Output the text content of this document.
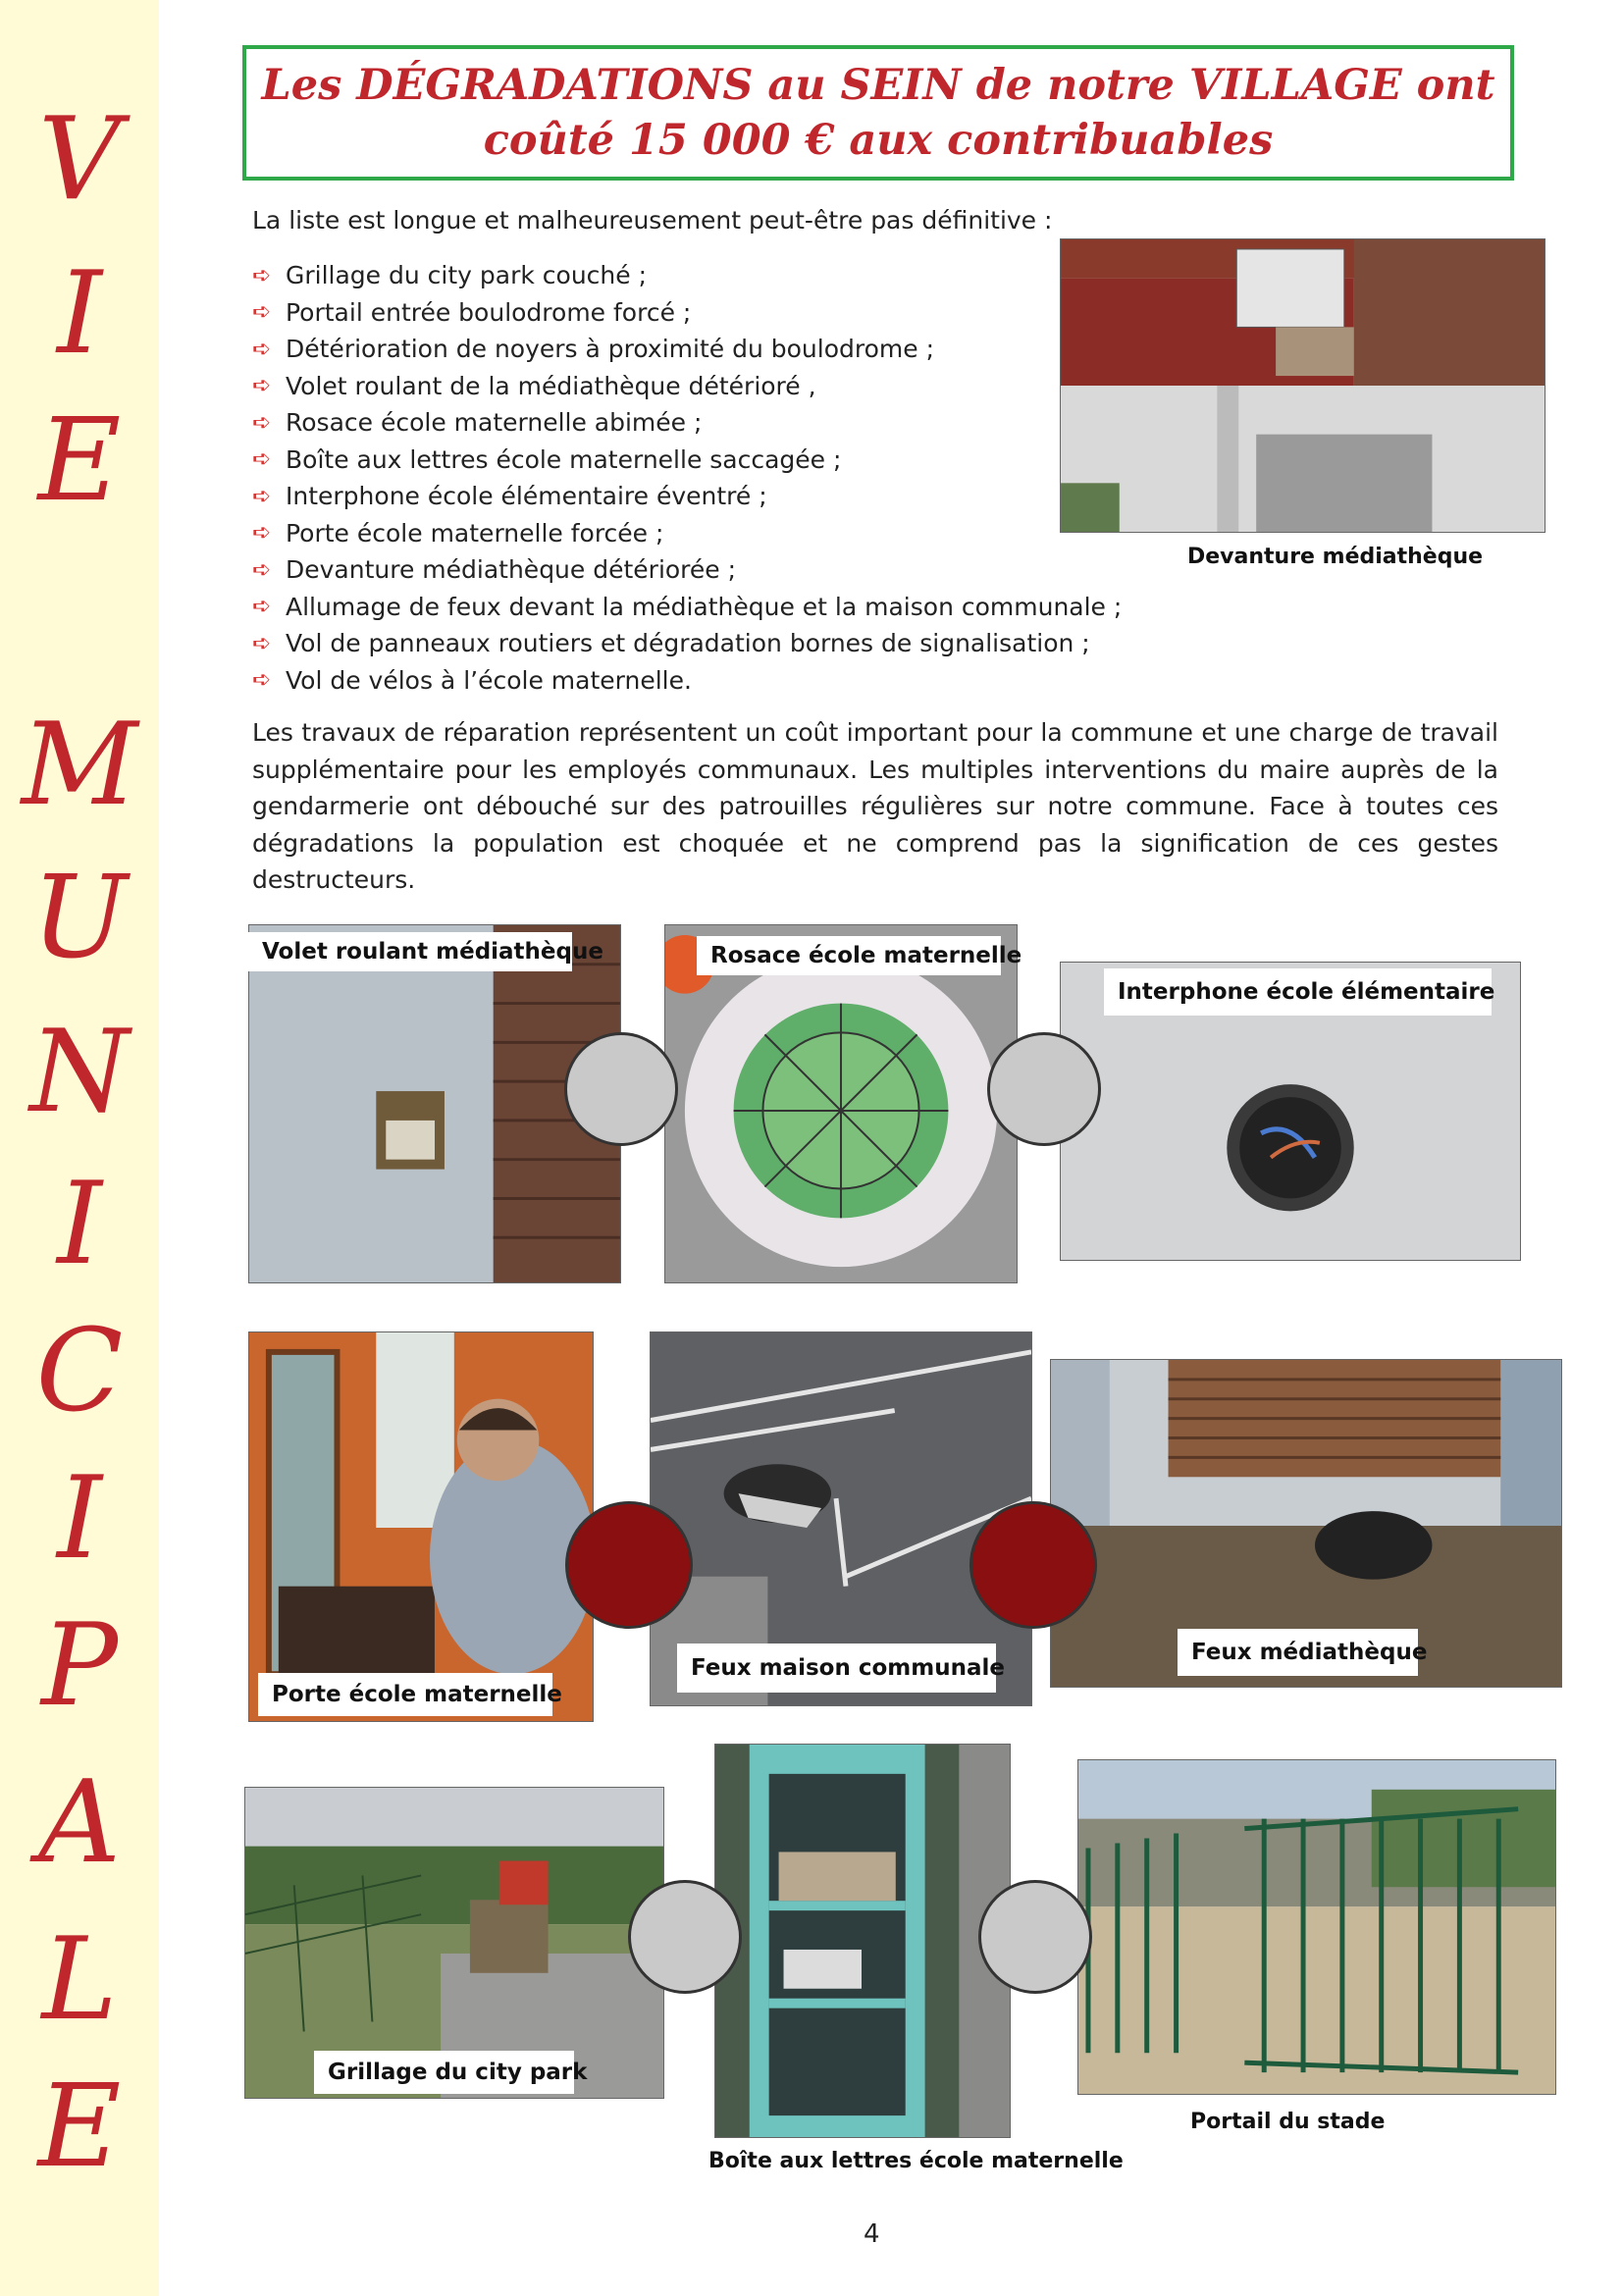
V
I
E
M
U
N
I
C
I
P
A
L
E
Les DÉGRADATIONS au SEIN de notre VILLAGE ont
coûté 15 000 € aux contribuables
La liste est longue et malheureusement peut-être pas définitive :
➪ Grillage du city park couché ;
➪ Portail entrée boulodrome forcé ;
➪ Détérioration de noyers à proximité du boulodrome ;
➪ Volet roulant de la médiathèque détérioré ,
➪ Rosace école maternelle abimée ;
➪ Boîte aux lettres école maternelle saccagée ;
➪ Interphone école élémentaire éventré ;
➪ Porte école maternelle forcée ;
➪ Devanture médiathèque détériorée ;
➪ Allumage de feux devant la médiathèque et la maison communale ;
➪ Vol de panneaux routiers et dégradation bornes de signalisation ;
➪ Vol de vélos à l’école maternelle.
Devanture médiathèque
Les travaux de réparation représentent un coût important pour la commune et une charge de travail supplémentaire pour les employés communaux. Les multiples interventions du maire auprès de la gendarmerie ont débouché sur des patrouilles régulières sur notre commune. Face à toutes ces dégradations la population est choquée et ne comprend pas la signification de ces gestes destructeurs.
Volet roulant médiathèque	Rosace école maternelle
Interphone école élémentaire
Porte école maternelle
Feux maison communale
Feux médiathèque
Grillage du city park
Boîte aux lettres école maternelle
Portail du stade
4
